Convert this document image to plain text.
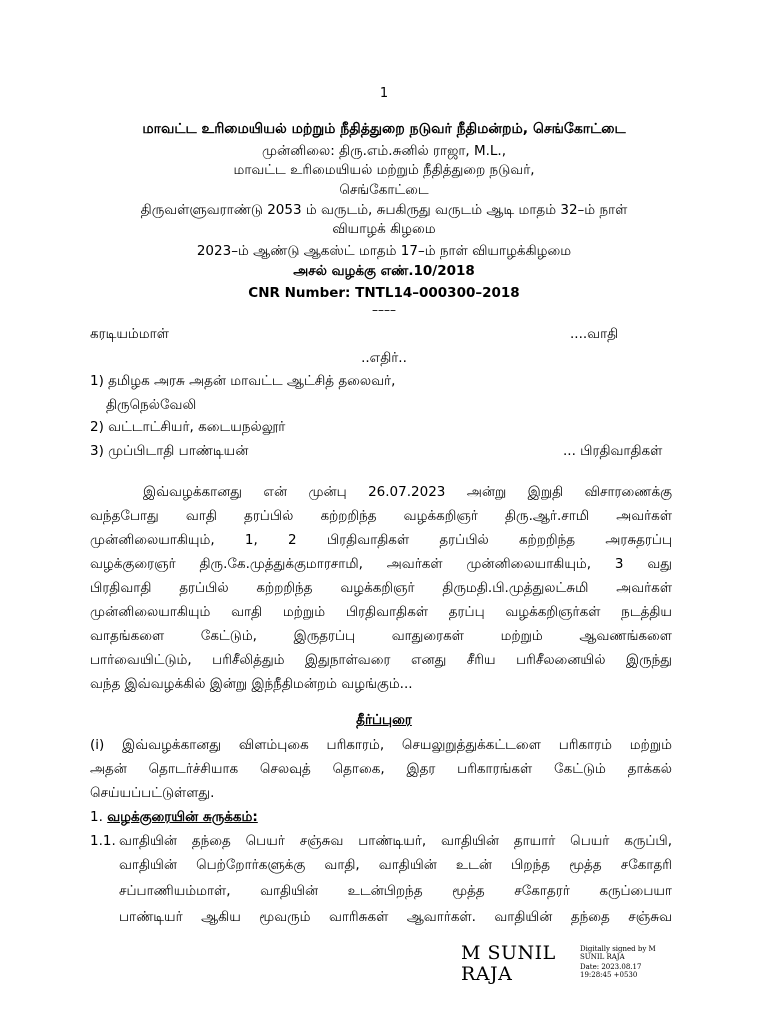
1
மாவட்ட உரிமையியல் மற்றும் நீதித்துறை நடுவர் நீதிமன்றம், செங்கோட்டை
முன்னிலை: திரு.எம்.சுனில் ராஜா, M.L.,
மாவட்ட உரிமையியல் மற்றும் நீதித்துறை நடுவர்,
செங்கோட்டை
திருவள்ளுவராண்டு 2053 ம் வருடம், சுபகிருது வருடம் ஆடி மாதம் 32–ம் நாள்
வியாழக் கிழமை
2023–ம் ஆண்டு ஆகஸ்ட் மாதம் 17–ம் நாள் வியாழக்கிழமை
அசல் வழக்கு எண்.10/2018
CNR Number: TNTL14–000300–2018
––––
கரடியம்மாள்	....வாதி
..எதிர்..
1) தமிழக அரசு அதன் மாவட்ட ஆட்சித் தலைவர்,
திருநெல்வேலி
2) வட்டாட்சியர், கடையநல்லூர்
3) முப்பிடாதி பாண்டியன்	... பிரதிவாதிகள்
இவ்வழக்கானது என் முன்பு 26.07.2023 அன்று இறுதி விசாரணைக்கு
வந்தபோது வாதி தரப்பில் கற்றறிந்த வழக்கறிஞர் திரு.ஆர்.சாமி அவர்கள்
முன்னிலையாகியும், 1, 2 பிரதிவாதிகள் தரப்பில் கற்றறிந்த அரசுதரப்பு
வழக்குரைஞர் திரு.கே.முத்துக்குமாரசாமி, அவர்கள் முன்னிலையாகியும், 3 வது
பிரதிவாதி தரப்பில் கற்றறிந்த வழக்கறிஞர் திருமதி.பி.முத்துலட்சுமி அவர்கள்
முன்னிலையாகியும் வாதி மற்றும் பிரதிவாதிகள் தரப்பு வழக்கறிஞர்கள் நடத்திய
வாதங்களை கேட்டும், இருதரப்பு வாதுரைகள் மற்றும் ஆவணங்களை
பார்வையிட்டும், பரிசீலித்தும் இதுநாள்வரை எனது சீரிய பரிசீலனையில் இருந்து
வந்த இவ்வழக்கில் இன்று இந்நீதிமன்றம் வழங்கும்...
தீர்ப்புரை
(i) இவ்வழக்கானது விளம்புகை பரிகாரம், செயலுறுத்துக்கட்டளை பரிகாரம் மற்றும்
அதன் தொடர்ச்சியாக செலவுத் தொகை, இதர பரிகாரங்கள் கேட்டும் தாக்கல்
செய்யப்பட்டுள்ளது.
1. வழக்குரையின் சுருக்கம்:
1.1. வாதியின் தந்தை பெயர் சஞ்சுவ பாண்டியர், வாதியின் தாயார் பெயர் கருப்பி,
வாதியின் பெற்றோர்களுக்கு வாதி, வாதியின் உடன் பிறந்த மூத்த சகோதரி
சப்பாணியம்மாள், வாதியின் உடன்பிறந்த மூத்த சகோதரர் கருப்பையா
பாண்டியர் ஆகிய மூவரும் வாரிசுகள் ஆவார்கள். வாதியின் தந்தை சஞ்சுவ
M SUNIL
RAJA
Digitally signed by M
SUNIL RAJA
Date: 2023.08.17
19:28:45 +0530
